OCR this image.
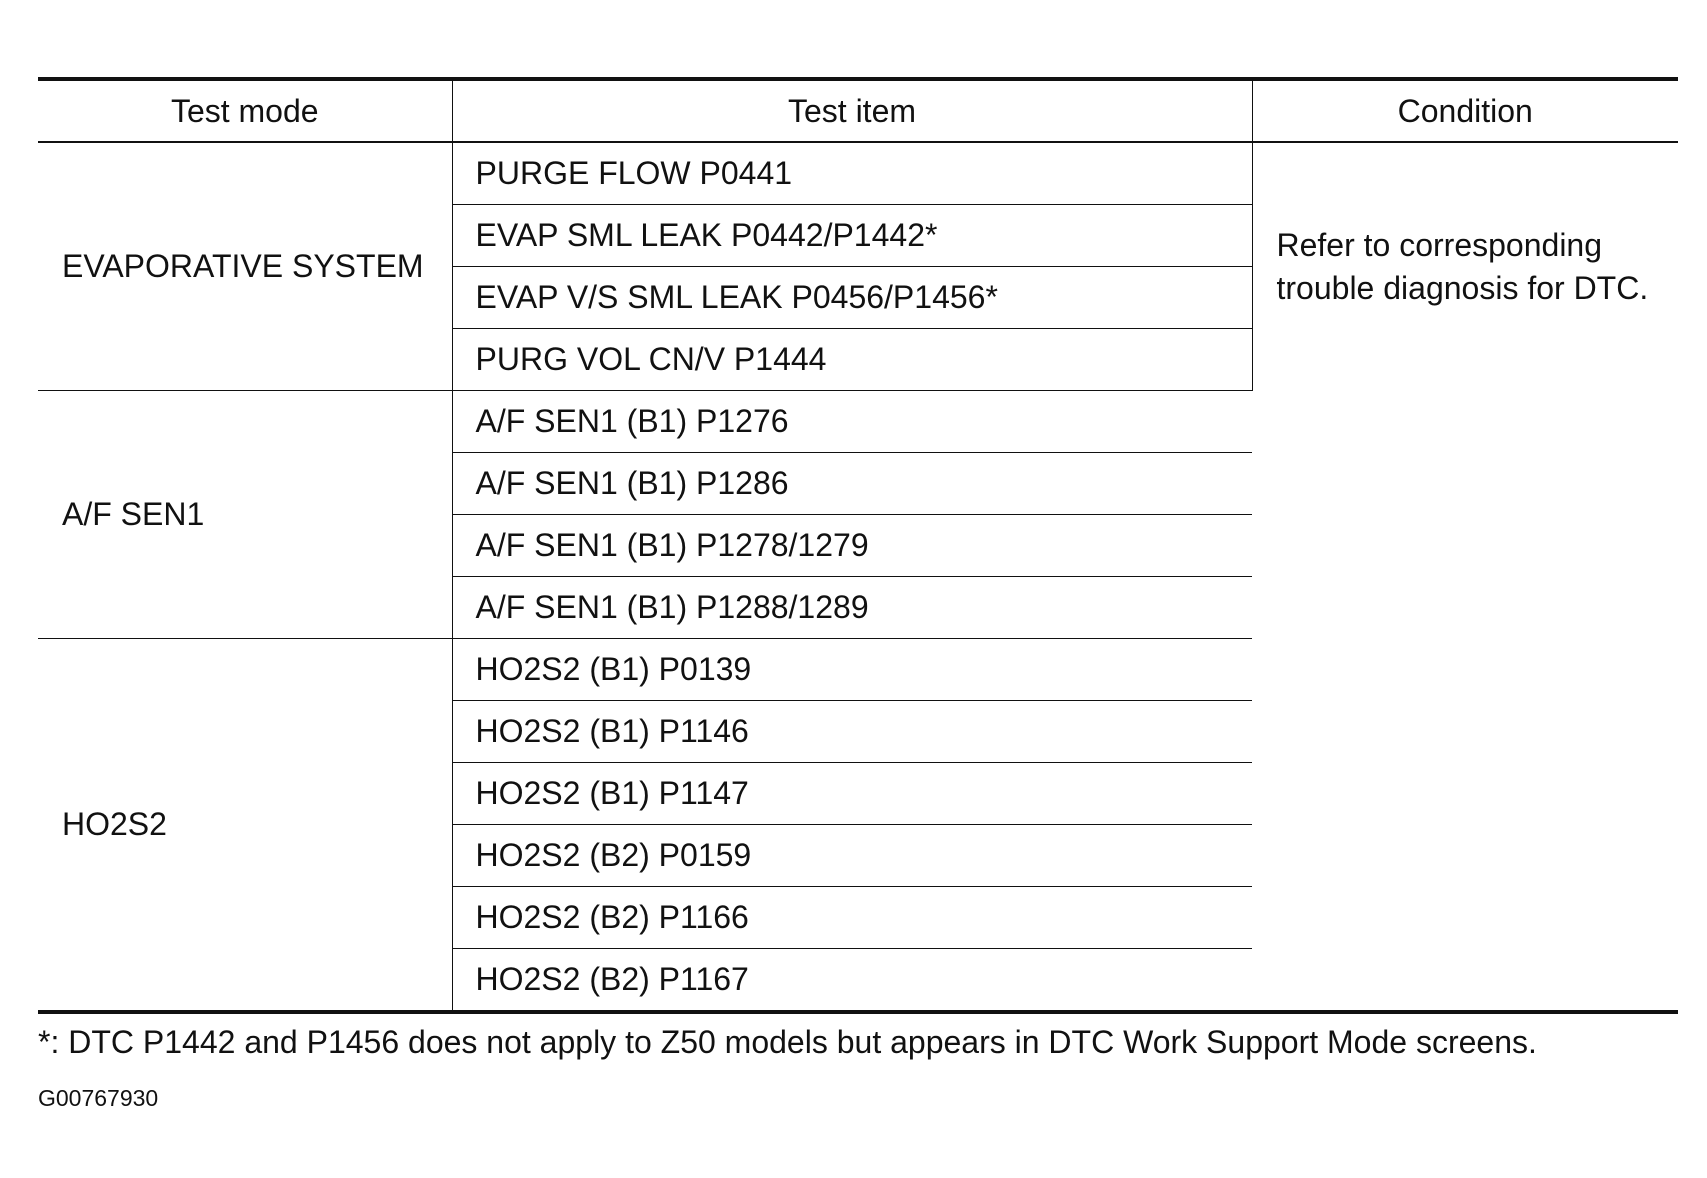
Test mode	Test item	Condition
EVAPORATIVE SYSTEM	PURGE FLOW P0441	Refer to corresponding trouble diagnosis for DTC.
	EVAP SML LEAK P0442/P1442*	
	EVAP V/S SML LEAK P0456/P1456*	
	PURG VOL CN/V P1444	
A/F SEN1	A/F SEN1 (B1) P1276	
	A/F SEN1 (B1) P1286	
	A/F SEN1 (B1) P1278/1279	
	A/F SEN1 (B1) P1288/1289	
HO2S2	HO2S2 (B1) P0139	
	HO2S2 (B1) P1146	
	HO2S2 (B1) P1147	
	HO2S2 (B2) P0159	
	HO2S2 (B2) P1166	
	HO2S2 (B2) P1167	
*: DTC P1442 and P1456 does not apply to Z50 models but appears in DTC Work Support Mode screens.
G00767930
